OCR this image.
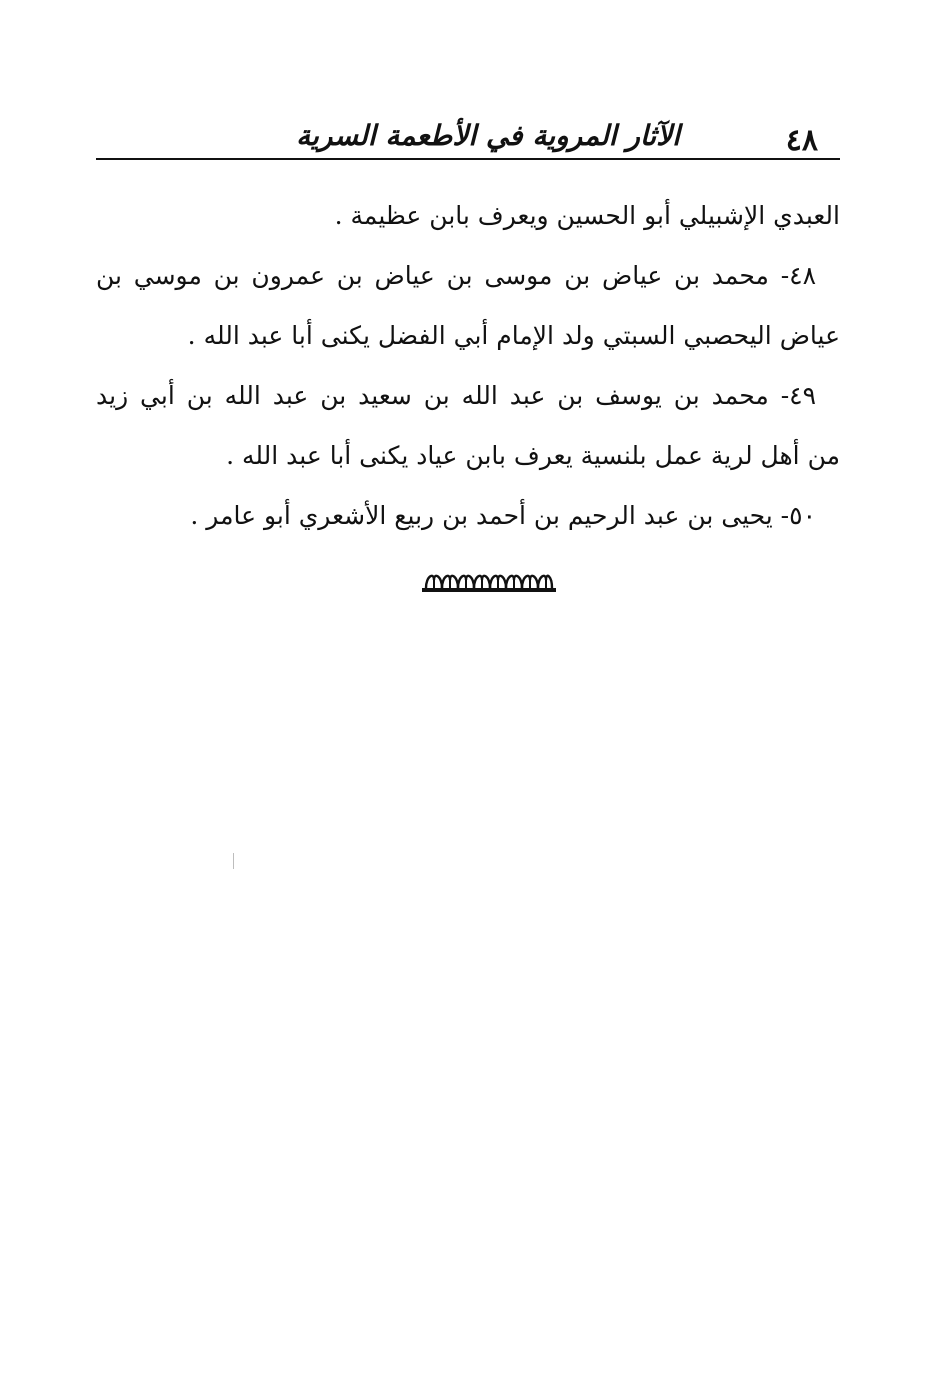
٤٨
الآثار المروية في الأطعمة السرية
العبدي الإشبيلي أبو الحسين ويعرف بابن عظيمة .
٤٨- محمد بن عياض بن موسى بن عياض بن عمرون بن موسي بن
عياض اليحصبي السبتي ولد الإمام أبي الفضل يكنى أبا عبد الله .
٤٩- محمد بن يوسف بن عبد الله بن سعيد بن عبد الله بن أبي زيد
من أهل لرية عمل بلنسية يعرف بابن عياد يكنى أبا عبد الله .
٥٠- يحيى بن عبد الرحيم بن أحمد بن ربيع الأشعري أبو عامر .
